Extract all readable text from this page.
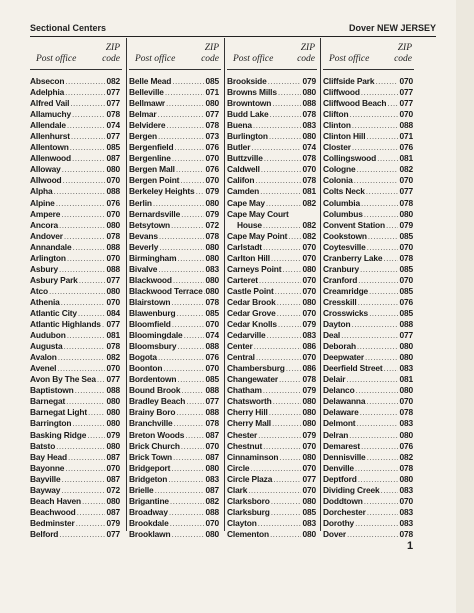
Sectional Centers	Dover NEW JERSEY
ZIP
Post office	code
ZIP
Post office	code
ZIP
Post office code
ZIP
Post office	code
Absecon .....	082
Adelphia .....	077
Alfred Vail .....	077
Allamuchy .....	078
Allendale .....	074
Allenhurst .....	077
Allentown .....	085
Allenwood .....	087
Alloway .....	080
Allwood .....	070
Alpha .....	088
Alpine .....	076
Ampere .....	070
Ancora .....	080
Andover .....	078
Annandale .....	088
Arlington .....	070
Asbury .....	088
Asbury Park .....	077
Atco .....	080
Athenia .....	070
Atlantic City .....	084
Atlantic Highlands ..... 077
Audubon .....	081
Augusta .....	078
Avalon .....	082
Avenel .....	070
Avon By The Sea ..... 077
Baptistown .....	088
Barnegat .....	080
Barnegat Light ..... 080
Barrington .....	080
Basking Ridge ..... 079
Batsto .....	080
Bay Head .....	087
Bayonne .....	070
Bayville .....	087
Bayway .....	072
Beach Haven .....	080
Beachwood .....	087
Bedminster .....	079
Belford .....	077
Belle Mead .....	085
Belleville .....	071
Bellmawr .....	080
Belmar .....	077
Belvidere .....	078
Bergen .....	073
Bergenfield .....	076
Bergenline .....	070
Bergen Mall .....	076
Bergen Point .....	070
Berkeley Heights ..... 079
Berlin .....	080
Bernardsville .....	079
Betsytown .....	072
Bevans .....	078
Beverly .....	080
Birmingham .....	080
Bivalve .....	083
Blackwood .....	080
Blackwood Terrace ..... 080
Blairstown .....	078
Blawenburg .....	085
Bloomfield .....	070
Bloomingdale .....	074
Bloomsbury .....	088
Bogota .....	076
Boonton .....	070
Bordentown .....	085
Bound Brook .....	088
Bradley Beach ..... 077
Brainy Boro .....	088
Branchville .....	078
Breton Woods .....	087
Brick Church .....	070
Brick Town .....	087
Bridgeport .....	080
Bridgeton .....	083
Brielle .....	087
Brigantine .....	082
Broadway .....	088
Brookdale .....	070
Brooklawn .....	080
Brookside .....	079
Browns Mills .....	080
Browntown .....	088
Budd Lake .....	078
Buena .....	083
Burlington .....	080
Butler .....	074
Buttzville .....	078
Caldwell .....	070
Califon .....	078
Camden .....	081
Cape May .....	082
Cape May Court
House .....	082
Cape May Point ..... 082
Carlstadt .....	070
Carlton Hill .....	070
Carneys Point .....	080
Carteret .....	070
Castle Point .....	070
Cedar Brook .....	080
Cedar Grove .....	070
Cedar Knolls .....	079
Cedarville .....	083
Center .....	086
Central .....	070
Chambersburg ..... 086
Changewater .....	078
Chatham .....	079
Chatsworth .....	080
Cherry Hill .....	080
Cherry Mall .....	080
Chester .....	079
Chestnut .....	070
Cinnaminson .....	080
Circle .....	070
Circle Plaza .....	077
Clark .....	070
Clarksboro .....	080
Clarksburg .....	085
Clayton .....	083
Clementon .....	080
Cliffside Park .....	070
Cliffwood .....	077
Cliffwood Beach ..... 077
Clifton .....	070
Clinton .....	088
Clinton Hill .....	071
Closter .....	076
Collingswood .....	081
Cologne .....	082
Colonia .....	070
Colts Neck .....	077
Columbia .....	078
Columbus .....	080
Convent Station ..... 079
Cookstown .....	085
Coytesville .....	070
Cranberry Lake ..... 078
Cranbury .....	085
Cranford .....	070
Creamridge .....	085
Cresskill .....	076
Crosswicks .....	085
Dayton .....	088
Deal .....	077
Deborah .....	080
Deepwater .....	080
Deerfield Street ..... 083
Delair .....	081
Delanco .....	080
Delawanna .....	070
Delaware .....	078
Delmont .....	083
Delran .....	080
Demarest .....	076
Dennisville .....	082
Denville .....	078
Deptford .....	080
Dividing Creek ..... 083
Doddtown .....	070
Dorchester .....	083
Dorothy .....	083
Dover .....	078
1
